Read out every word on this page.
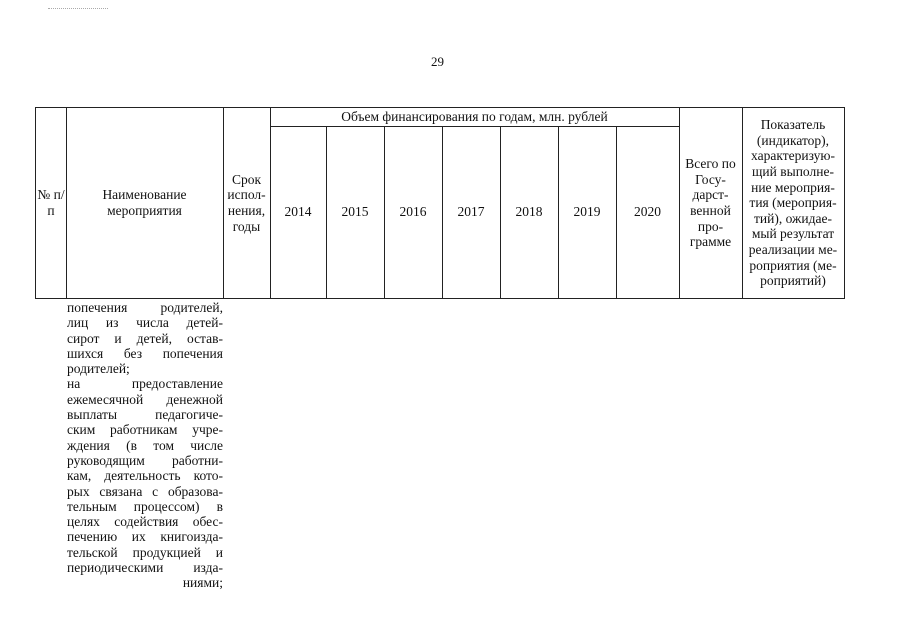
29
№ п/п
Наименование мероприятия
Срок испол-нения, годы
Объем финансирования по годам, млн. рублей
2014 2015 2016 2017 2018 2019 2020
Всего по Госу-дарст-венной про-грамме
Показатель (индикатор), характеризую-щий выполне-ние мероприя-тия (мероприя-тий), ожидае-мый результат реализации ме-роприятия (ме-роприятий)
попечения родителей,
лиц из числа детей-
сирот и детей, остав-
шихся без попечения
родителей;
на предоставление
ежемесячной денежной
выплаты педагогиче-
ским работникам учре-
ждения (в том числе
руководящим работни-
кам, деятельность кото-
рых связана с образова-
тельным процессом) в
целях содействия обес-
печению их книгоизда-
тельской продукцией и
периодическими изда-
ниями;
